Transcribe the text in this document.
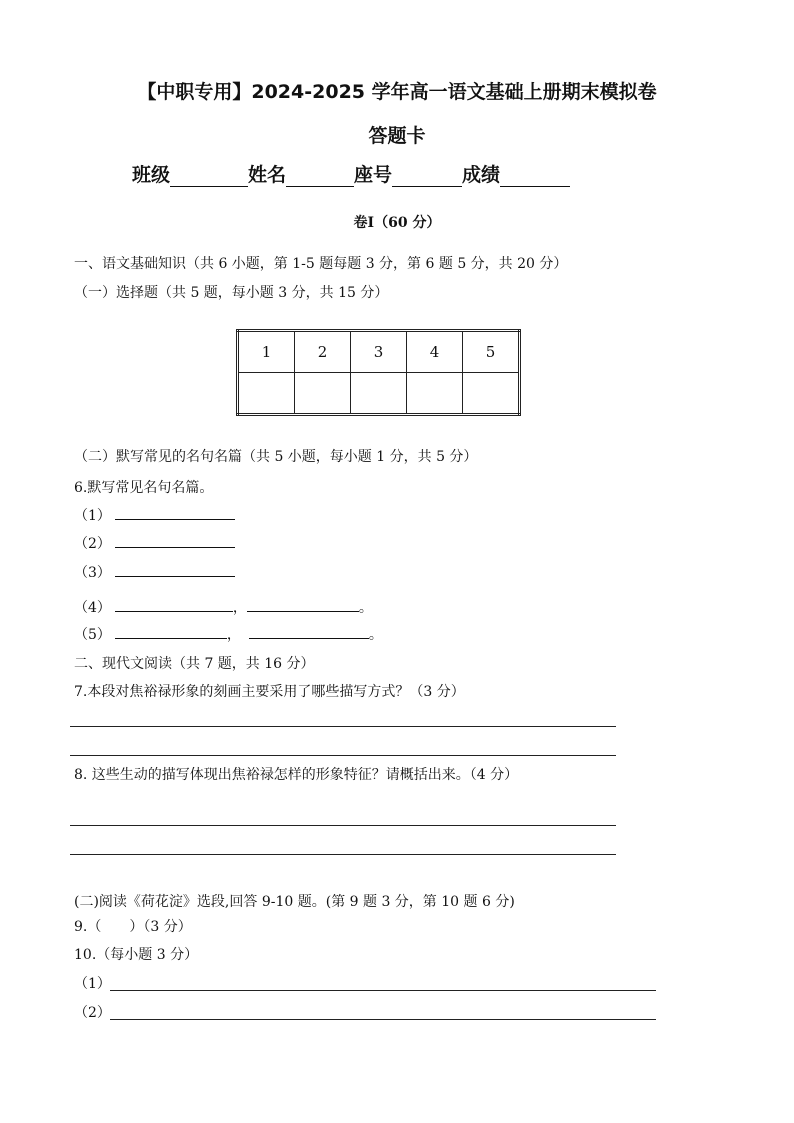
【中职专用】2024-2025 学年高一语文基础上册期末模拟卷
答题卡
班级	姓名	座号	成绩
卷Ⅰ（60 分）
一、语文基础知识（共 6 小题，第 1-5 题每题 3 分，第 6 题 5 分，共 20 分）
（一）选择题（共 5 题，每小题 3 分，共 15 分）
1	2	3	4	5

（二）默写常见的名句名篇（共 5 小题，每小题 1 分，共 5 分）
6.默写常见名句名篇。
（1）
（2）
（3）
（4）	，	。
（5）	，	。
二、现代文阅读（共 7 题，共 16 分）
7.本段对焦裕禄形象的刻画主要采用了哪些描写方式？（3 分）
8. 这些生动的描写体现出焦裕禄怎样的形象特征？请概括出来。（4 分）
(二)阅读《荷花淀》选段,回答 9-10 题。(第 9 题 3 分，第 10 题 6 分)
9.（ ）（3 分）
10.（每小题 3 分）
（1）
（2）
